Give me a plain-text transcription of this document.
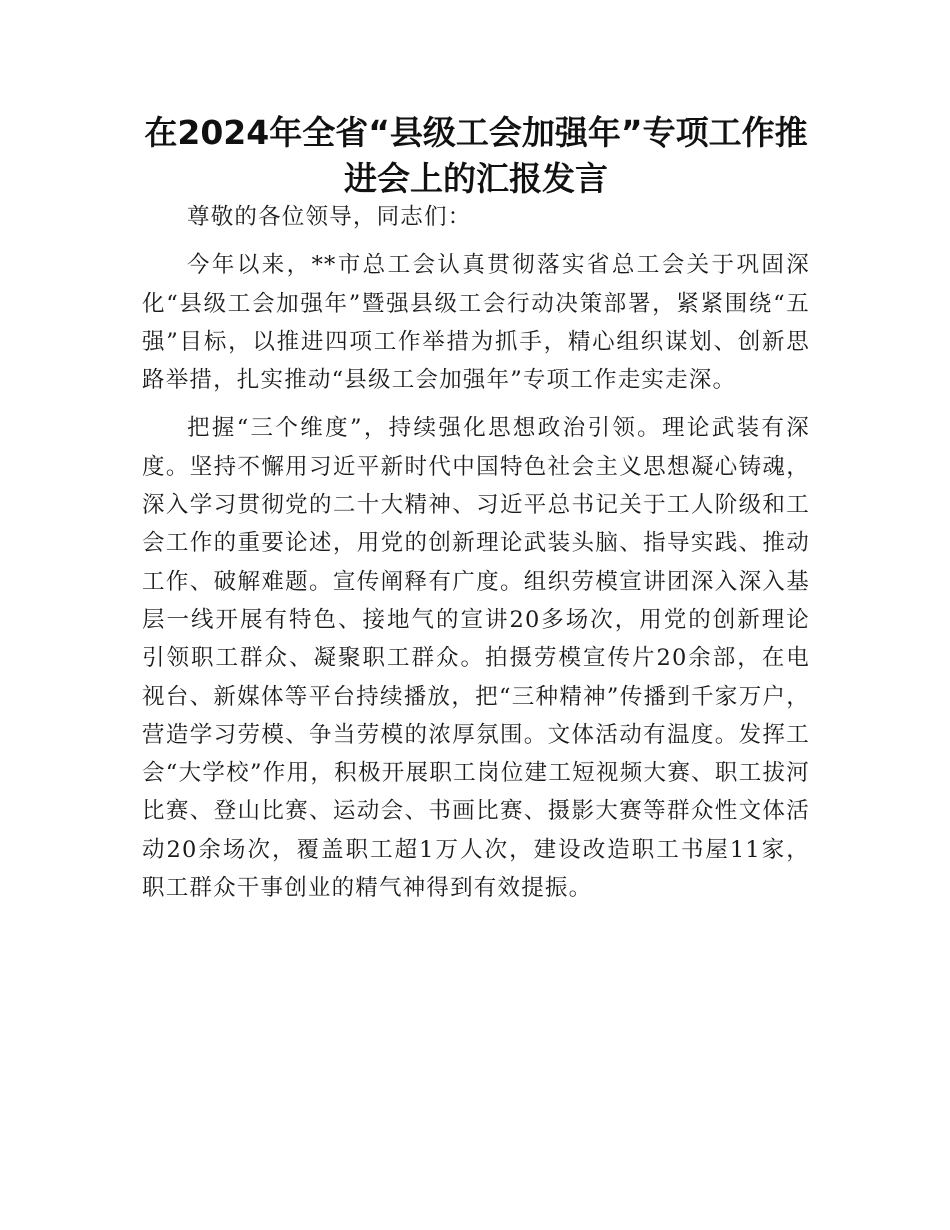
在2024年全省“县级工会加强年”专项工作推进会上的汇报发言

尊敬的各位领导，同志们：

今年以来，**市总工会认真贯彻落实省总工会关于巩固深化“县级工会加强年”暨强县级工会行动决策部署，紧紧围绕“五强”目标，以推进四项工作举措为抓手，精心组织谋划、创新思路举措，扎实推动“县级工会加强年”专项工作走实走深。

把握“三个维度”，持续强化思想政治引领。理论武装有深度。坚持不懈用习近平新时代中国特色社会主义思想凝心铸魂，深入学习贯彻党的二十大精神、习近平总书记关于工人阶级和工会工作的重要论述，用党的创新理论武装头脑、指导实践、推动工作、破解难题。宣传阐释有广度。组织劳模宣讲团深入深入基层一线开展有特色、接地气的宣讲20多场次，用党的创新理论引领职工群众、凝聚职工群众。拍摄劳模宣传片20余部，在电视台、新媒体等平台持续播放，把“三种精神”传播到千家万户，营造学习劳模、争当劳模的浓厚氛围。文体活动有温度。发挥工会“大学校”作用，积极开展职工岗位建工短视频大赛、职工拔河比赛、登山比赛、运动会、书画比赛、摄影大赛等群众性文体活动20余场次，覆盖职工超1万人次，建设改造职工书屋11家，职工群众干事创业的精气神得到有效提振。
